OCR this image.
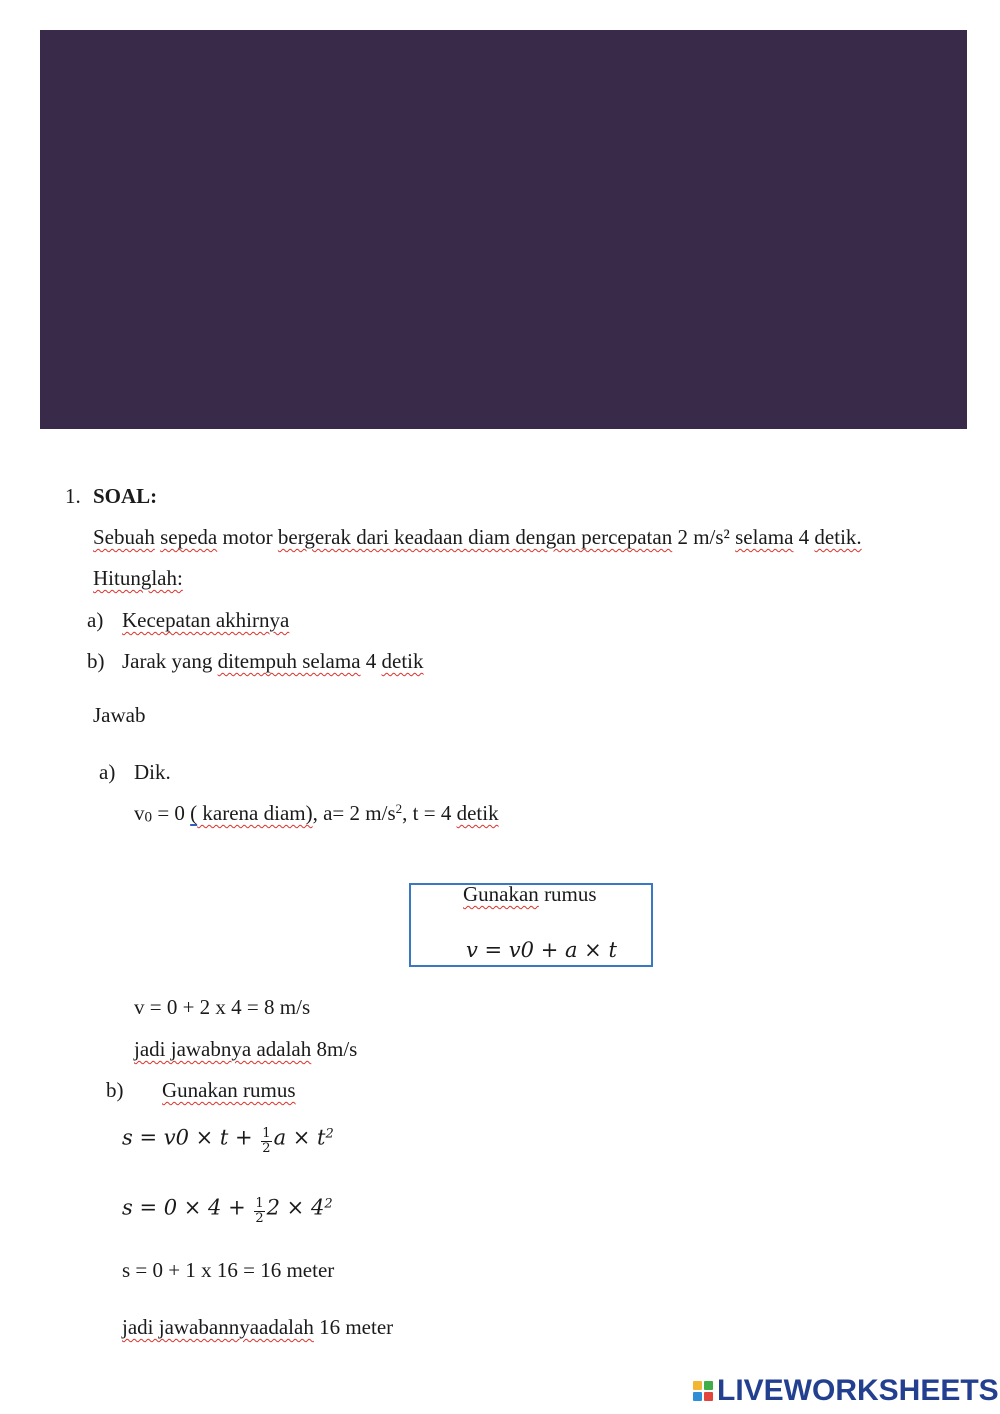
1. SOAL:
Sebuah sepeda motor bergerak dari keadaan diam dengan percepatan 2 m/s² selama 4 detik.
Hitunglah:
a) Kecepatan akhirnya
b) Jarak yang ditempuh selama 4 detik
Jawab
a) Dik.
v0 = 0 ( karena diam), a= 2 $m/s^2$, t = 4 detik
Gunakan rumus
v = v0 + a × t
v = 0 + 2 x 4 = 8 m/s
jadi jawabnya adalah 8m/s
b) Gunakan rumus
$s = v0 \times t + \frac{1}{2}$ $a \times t^2$
$s = 0 \times 4 + \frac{1}{2} 2 \times 4^2$
s = 0 + 1 x 16 = 16 meter
jadi jawabannyaadalah 16 meter
LIVEWORKSHEETS
